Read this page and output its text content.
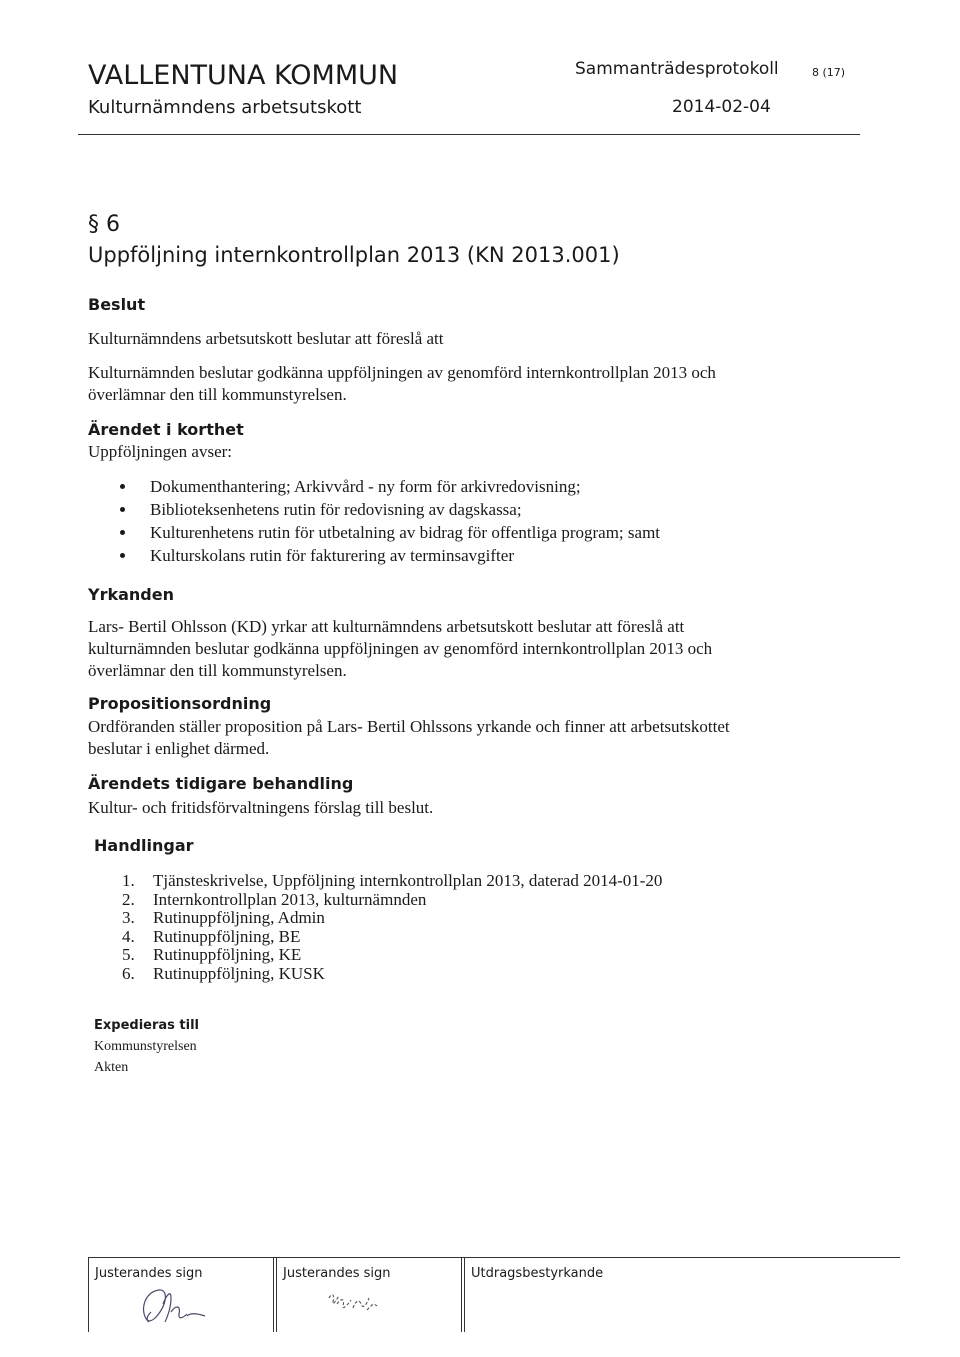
VALLENTUNA KOMMUN
Kulturnämndens arbetsutskott
Sammanträdesprotokoll	8 (17)
2014-02-04
§ 6
Uppföljning internkontrollplan 2013 (KN 2013.001)
Beslut
Kulturnämndens arbetsutskott beslutar att föreslå att
Kulturnämnden beslutar godkänna uppföljningen av genomförd internkontrollplan 2013 och
överlämnar den till kommunstyrelsen.
Ärendet i korthet
Uppföljningen avser:
Dokumenthantering; Arkivvård - ny form för arkivredovisning;
Biblioteksenhetens rutin för redovisning av dagskassa;
Kulturenhetens rutin för utbetalning av bidrag för offentliga program; samt
Kulturskolans rutin för fakturering av terminsavgifter
Yrkanden
Lars- Bertil Ohlsson (KD) yrkar att kulturnämndens arbetsutskott beslutar att föreslå att
kulturnämnden beslutar godkänna uppföljningen av genomförd internkontrollplan 2013 och
överlämnar den till kommunstyrelsen.
Propositionsordning
Ordföranden ställer proposition på Lars- Bertil Ohlssons yrkande och finner att arbetsutskottet
beslutar i enlighet därmed.
Ärendets tidigare behandling
Kultur- och fritidsförvaltningens förslag till beslut.
Handlingar
1. Tjänsteskrivelse, Uppföljning internkontrollplan 2013, daterad 2014-01-20
2. Internkontrollplan 2013, kulturnämnden
3. Rutinuppföljning, Admin
4. Rutinuppföljning, BE
5. Rutinuppföljning, KE
6. Rutinuppföljning, KUSK
Expedieras till
Kommunstyrelsen
Akten
Justerandes sign	Justerandes sign	Utdragsbestyrkande
